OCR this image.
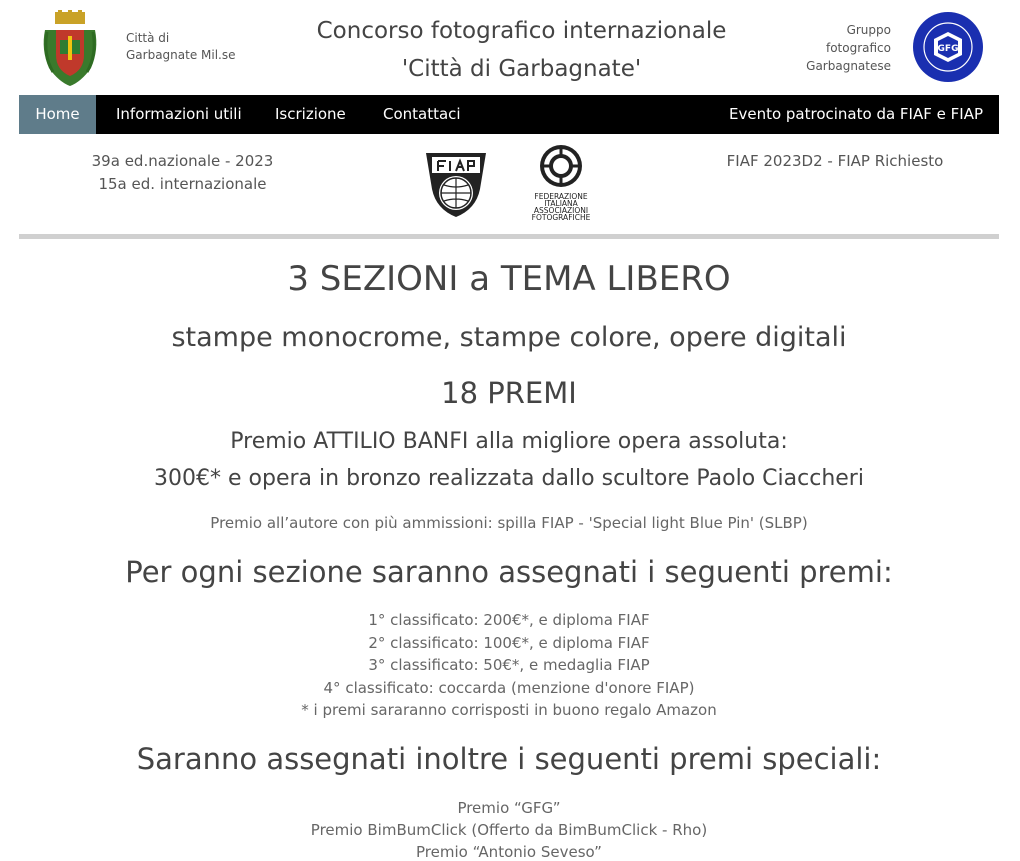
Città di
Garbagnate Mil.se
Concorso fotografico internazionale
'Città di Garbagnate'
Gruppo
fotografico
Garbagnatese
GFG
Home	Informazioni utili Iscrizione Contattaci	Evento patrocinato da FIAF e FIAP
39a ed.nazionale - 2023
15a ed. internazionale
FEDERAZIONE
ITALIANA
ASSOCIAZIONI
FOTOGRAFICHE
FIAF 2023D2 - FIAP Richiesto
3 SEZIONI a TEMA LIBERO
stampe monocrome, stampe colore, opere digitali
18 PREMI
Premio ATTILIO BANFI alla migliore opera assoluta:
300€* e opera in bronzo realizzata dallo scultore Paolo Ciaccheri
Premio all’autore con più ammissioni: spilla FIAP - 'Special light Blue Pin' (SLBP)
Per ogni sezione saranno assegnati i seguenti premi:
1° classificato: 200€*, e diploma FIAF
2° classificato: 100€*, e diploma FIAF
3° classificato: 50€*, e medaglia FIAP
4° classificato: coccarda (menzione d'onore FIAP)
* i premi sararanno corrisposti in buono regalo Amazon
Saranno assegnati inoltre i seguenti premi speciali:
Premio “GFG”
Premio BimBumClick (Offerto da BimBumClick - Rho)
Premio “Antonio Seveso”
